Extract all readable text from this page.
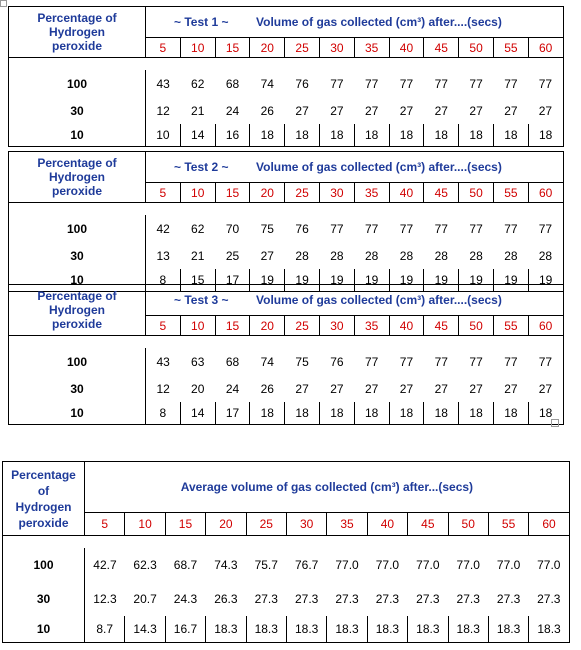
Percentage of
Hydrogen
peroxide	~ Test 1 ~ Volume of gas collected (cm³) after....(secs)											
	5	10	15	20	25	30	35	40	45	50	55	60

100	43	62	68	74	76	77	77	77	77	77	77	77
30	12	21	24	26	27	27	27	27	27	27	27	27
10	10	14	16	18	18	18	18	18	18	18	18	18
Percentage of
Hydrogen
peroxide	~ Test 2 ~ Volume of gas collected (cm³) after....(secs)											
	5	10	15	20	25	30	35	40	45	50	55	60

100	42	62	70	75	76	77	77	77	77	77	77	77
30	13	21	25	27	28	28	28	28	28	28	28	28
10	8	15	17	19	19	19	19	19	19	19	19	19
Percentage of
Hydrogen
peroxide	~ Test 3 ~ Volume of gas collected (cm³) after....(secs)											
	5	10	15	20	25	30	35	40	45	50	55	60

100	43	63	68	74	75	76	77	77	77	77	77	77
30	12	20	24	26	27	27	27	27	27	27	27	27
10	8	14	17	18	18	18	18	18	18	18	18	18
Percentage
of
Hydrogen
peroxide	Average volume of gas collected (cm³) after...(secs)											
	5	10	15	20	25	30	35	40	45	50	55	60

100	42.7	62.3	68.7	74.3	75.7	76.7	77.0	77.0	77.0	77.0	77.0	77.0
30	12.3	20.7	24.3	26.3	27.3	27.3	27.3	27.3	27.3	27.3	27.3	27.3
10	8.7	14.3	16.7	18.3	18.3	18.3	18.3	18.3	18.3	18.3	18.3	18.3
